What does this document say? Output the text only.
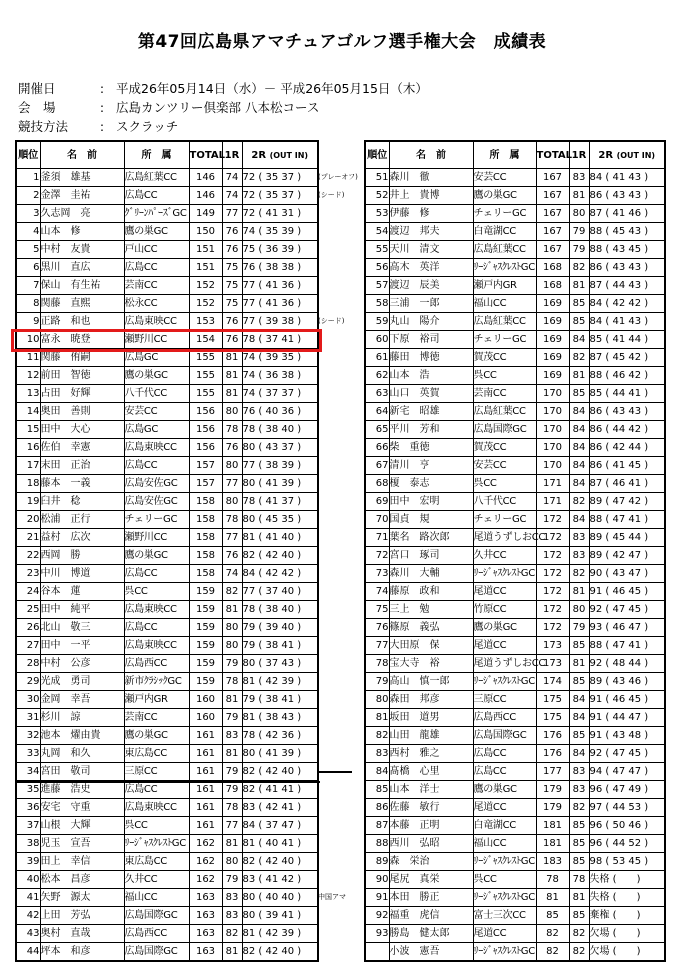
第47回広島県アマチュアゴルフ選手権大会　成績表
開催日	: 平成26年05月14日（水）－ 平成26年05月15日（木）
会　場	: 広島カンツリー倶楽部 八本松コース
競技方法	: スクラッチ
順位	名　前	所　属	TOTAL	1R	2R (OUT IN)
1	釜須　雄基	広島紅葉CC	146	74	72 ( 35 37 )
2	金澤　圭祐	広島CC	146	74	72 ( 35 37 )
3	久志岡　亮	ｸﾞﾘｰﾝﾊﾟｰｽﾞGC	149	77	72 ( 41 31 )
4	山本　修	鷹の巣GC	150	76	74 ( 35 39 )
5	中村　友貴	戸山CC	151	76	75 ( 36 39 )
6	黒川　直広	広島CC	151	75	76 ( 38 38 )
7	保山　有生祐	芸南CC	152	75	77 ( 41 36 )
8	関藤　直熙	松永CC	152	75	77 ( 41 36 )
9	正路　和也	広島東映CC	153	76	77 ( 39 38 )
10	富永　暁登	瀬野川CC	154	76	78 ( 37 41 )
11	関藤　侑嗣	広島GC	155	81	74 ( 39 35 )
12	前田　智徳	鷹の巣GC	155	81	74 ( 36 38 )
13	占田　好輝	八千代CC	155	81	74 ( 37 37 )
14	奥田　善則	安芸CC	156	80	76 ( 40 36 )
15	田中　大心	広島GC	156	78	78 ( 38 40 )
16	佐伯　幸憲	広島東映CC	156	76	80 ( 43 37 )
17	末田　正治	広島CC	157	80	77 ( 38 39 )
18	藤本　一義	広島安佐GC	157	77	80 ( 41 39 )
19	臼井　稔	広島安佐GC	158	80	78 ( 41 37 )
20	松浦　正行	チェリーGC	158	78	80 ( 45 35 )
21	益村　広次	瀬野川CC	158	77	81 ( 41 40 )
22	西岡　勝	鷹の巣GC	158	76	82 ( 42 40 )
23	中川　博道	広島CC	158	74	84 ( 42 42 )
24	谷本　蓮	呉CC	159	82	77 ( 37 40 )
25	田中　純平	広島東映CC	159	81	78 ( 38 40 )
26	北山　敬三	広島CC	159	80	79 ( 39 40 )
27	田中　一平	広島東映CC	159	80	79 ( 38 41 )
28	中村　公彦	広島西CC	159	79	80 ( 37 43 )
29	光成　勇司	新市ｸﾗｼｯｸGC	159	78	81 ( 42 39 )
30	金岡　幸吾	瀬戸内GR	160	81	79 ( 38 41 )
31	杉川　諒	芸南CC	160	79	81 ( 38 43 )
32	池本　燿由貴	鷹の巣GC	161	83	78 ( 42 36 )
33	丸岡　和久	東広島CC	161	81	80 ( 41 39 )
34	宮田　敬司	三原CC	161	79	82 ( 42 40 )
35	進藤　浩史	広島CC	161	79	82 ( 41 41 )
36	安宅　守重	広島東映CC	161	78	83 ( 42 41 )
37	山根　大輝	呉CC	161	77	84 ( 37 47 )
38	児玉　宣吾	ﾘｰｼﾞｬｽｸﾚｽﾄGC	162	81	81 ( 40 41 )
39	田上　幸信	東広島CC	162	80	82 ( 42 40 )
40	松本　昌彦	久井CC	162	79	83 ( 41 42 )
41	矢野　源太	福山CC	163	83	80 ( 40 40 )
42	上田　芳弘	広島国際GC	163	83	80 ( 39 41 )
43	奥村　直哉	広島西CC	163	82	81 ( 42 39 )
44	坪本　和彦	広島国際GC	163	81	82 ( 42 40 )
順位	名　前	所　属	TOTAL	1R	2R (OUT IN)
51	森川　徹	安芸CC	167	83	84 ( 41 43 )
52	井上　貴博	鷹の巣GC	167	81	86 ( 43 43 )
53	伊藤　修	チェリーGC	167	80	87 ( 41 46 )
54	渡辺　邦夫	白竜湖CC	167	79	88 ( 45 43 )
55	天川　清文	広島紅葉CC	167	79	88 ( 43 45 )
56	高木　英洋	ﾘｰｼﾞｬｽｸﾚｽﾄGC	168	82	86 ( 43 43 )
57	渡辺　辰美	瀬戸内GR	168	81	87 ( 44 43 )
58	三浦　一郎	福山CC	169	85	84 ( 42 42 )
59	丸山　陽介	広島紅葉CC	169	85	84 ( 41 43 )
60	下原　裕司	チェリーGC	169	84	85 ( 41 44 )
61	藤田　博徳	賀茂CC	169	82	87 ( 45 42 )
62	山本　浩	呉CC	169	81	88 ( 46 42 )
63	山口　英賀	芸南CC	170	85	85 ( 44 41 )
64	新宅　昭雄	広島紅葉CC	170	84	86 ( 43 43 )
65	平川　芳和	広島国際GC	170	84	86 ( 44 42 )
66	柴　重徳	賀茂CC	170	84	86 ( 42 44 )
67	清川　亨	安芸CC	170	84	86 ( 41 45 )
68	榎　泰志	呉CC	171	84	87 ( 46 41 )
69	田中　宏明	八千代CC	171	82	89 ( 47 42 )
70	国貞　規	チェリーGC	172	84	88 ( 47 41 )
71	葉名　路次郎	尾道うずしおCC	172	83	89 ( 45 44 )
72	宮口　琢司	久井CC	172	83	89 ( 42 47 )
73	森川　大輔	ﾘｰｼﾞｬｽｸﾚｽﾄGC	172	82	90 ( 43 47 )
74	藤原　政和	尾道CC	172	81	91 ( 46 45 )
75	三上　勉	竹原CC	172	80	92 ( 47 45 )
76	篠原　義弘	鷹の巣GC	172	79	93 ( 46 47 )
77	大田原　保	尾道CC	173	85	88 ( 47 41 )
78	宝大寺　裕	尾道うずしおCC	173	81	92 ( 48 44 )
79	高山　慎一郎	ﾘｰｼﾞｬｽｸﾚｽﾄGC	174	85	89 ( 43 46 )
80	森田　邦彦	三原CC	175	84	91 ( 46 45 )
81	坂田　道男	広島西CC	175	84	91 ( 44 47 )
82	山田　龍雄	広島国際GC	176	85	91 ( 43 48 )
83	西村　雅之	広島CC	176	84	92 ( 47 45 )
84	髙橋　心里	広島CC	177	83	94 ( 47 47 )
85	山本　洋士	鷹の巣GC	179	83	96 ( 47 49 )
86	佐藤　敏行	尾道CC	179	82	97 ( 44 53 )
87	本藤　正明	白竜湖CC	181	85	96 ( 50 46 )
88	西川　弘昭	福山CC	181	85	96 ( 44 52 )
89	森　栄治	ﾘｰｼﾞｬｽｸﾚｽﾄGC	183	85	98 ( 53 45 )
90	尾尻　真栄	呉CC	78	78	失格 (　　)
91	本田　勝正	ﾘｰｼﾞｬｽｸﾚｽﾄGC	81	81	失格 (　　)
92	福重　虎信	富士三次CC	85	85	棄権 (　　)
93	勝島　健太郎	尾道CC	82	82	欠場 (　　)
	小波　憲吾	ﾘｰｼﾞｬｽｸﾚｽﾄGC	82	82	欠場 (　　)
(プレーオフ)
(シード)
(シード)
中国アマ
